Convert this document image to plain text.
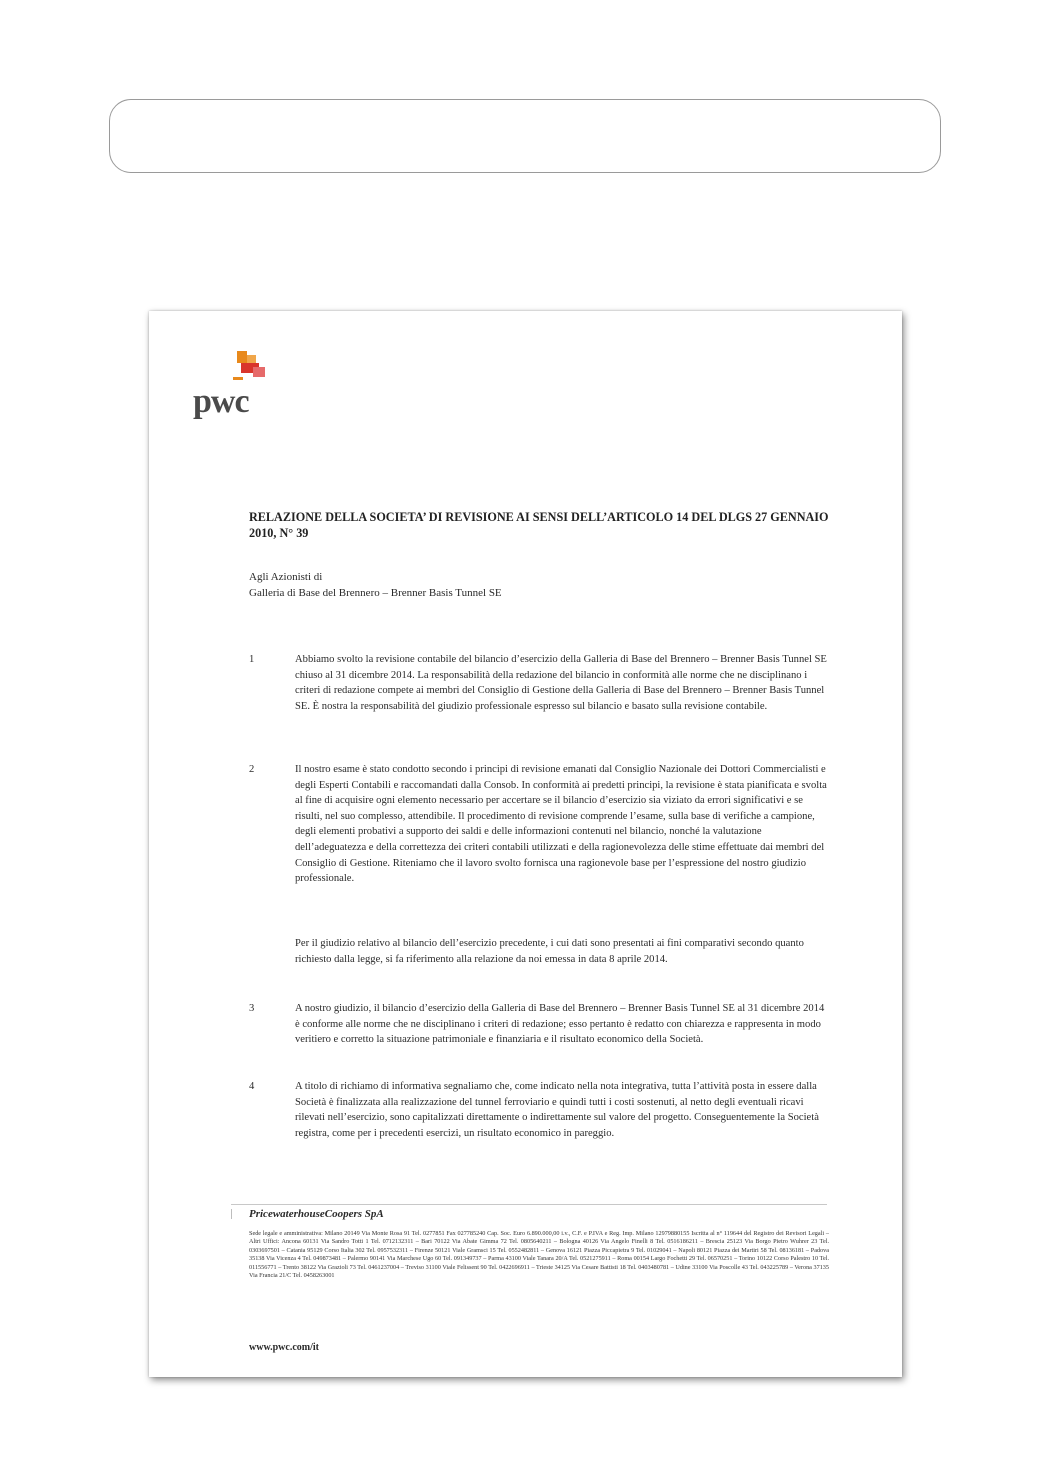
pwc
RELAZIONE DELLA SOCIETA’ DI REVISIONE AI SENSI DELL’ARTICOLO 14 DEL DLGS 27 GENNAIO 2010, N° 39
Agli Azionisti di
Galleria di Base del Brennero – Brenner Basis Tunnel SE
1	Abbiamo svolto la revisione contabile del bilancio d’esercizio della Galleria di Base del Brennero – Brenner Basis Tunnel SE chiuso al 31 dicembre 2014. La responsabilità della redazione del bilancio in conformità alle norme che ne disciplinano i criteri di redazione compete ai membri del Consiglio di Gestione della Galleria di Base del Brennero – Brenner Basis Tunnel SE. È nostra la responsabilità del giudizio professionale espresso sul bilancio e basato sulla revisione contabile.
2	Il nostro esame è stato condotto secondo i principi di revisione emanati dal Consiglio Nazionale dei Dottori Commercialisti e degli Esperti Contabili e raccomandati dalla Consob. In conformità ai predetti principi, la revisione è stata pianificata e svolta al fine di acquisire ogni elemento necessario per accertare se il bilancio d’esercizio sia viziato da errori significativi e se risulti, nel suo complesso, attendibile. Il procedimento di revisione comprende l’esame, sulla base di verifiche a campione, degli elementi probativi a supporto dei saldi e delle informazioni contenuti nel bilancio, nonché la valutazione dell’adeguatezza e della correttezza dei criteri contabili utilizzati e della ragionevolezza delle stime effettuate dai membri del Consiglio di Gestione. Riteniamo che il lavoro svolto fornisca una ragionevole base per l’espressione del nostro giudizio professionale.
Per il giudizio relativo al bilancio dell’esercizio precedente, i cui dati sono presentati ai fini comparativi secondo quanto richiesto dalla legge, si fa riferimento alla relazione da noi emessa in data 8 aprile 2014.
3	A nostro giudizio, il bilancio d’esercizio della Galleria di Base del Brennero – Brenner Basis Tunnel SE al 31 dicembre 2014 è conforme alle norme che ne disciplinano i criteri di redazione; esso pertanto è redatto con chiarezza e rappresenta in modo veritiero e corretto la situazione patrimoniale e finanziaria e il risultato economico della Società.
4	A titolo di richiamo di informativa segnaliamo che, come indicato nella nota integrativa, tutta l’attività posta in essere dalla Società è finalizzata alla realizzazione del tunnel ferroviario e quindi tutti i costi sostenuti, al netto degli eventuali ricavi rilevati nell’esercizio, sono capitalizzati direttamente o indirettamente sul valore del progetto. Conseguentemente la Società registra, come per i precedenti esercizi, un risultato economico in pareggio.
PricewaterhouseCoopers SpA
Sede legale e amministrativa: Milano 20149 Via Monte Rosa 91 Tel. 0277851 Fax 027785240 Cap. Soc. Euro 6.890.000,00 i.v., C.F. e P.IVA e Reg. Imp. Milano 12979880155 Iscritta al n° 119644 del Registro dei Revisori Legali – Altri Uffici: Ancona 60131 Via Sandro Totti 1 Tel. 0712132311 – Bari 70122 Via Abate Gimma 72 Tel. 0805640211 – Bologna 40126 Via Angelo Finelli 8 Tel. 0516186211 – Brescia 25123 Via Borgo Pietro Wuhrer 23 Tel. 0303697501 – Catania 95129 Corso Italia 302 Tel. 0957532311 – Firenze 50121 Viale Gramsci 15 Tel. 0552482811 – Genova 16121 Piazza Piccapietra 9 Tel. 01029041 – Napoli 80121 Piazza dei Martiri 58 Tel. 08136181 – Padova 35138 Via Vicenza 4 Tel. 049873481 – Palermo 90141 Via Marchese Ugo 60 Tel. 091349737 – Parma 43100 Viale Tanara 20/A Tel. 0521275911 – Roma 00154 Largo Fochetti 29 Tel. 06570251 – Torino 10122 Corso Palestro 10 Tel. 011556771 – Trento 38122 Via Grazioli 73 Tel. 0461237004 – Treviso 31100 Viale Felissent 90 Tel. 0422696911 – Trieste 34125 Via Cesare Battisti 18 Tel. 0403480781 – Udine 33100 Via Poscolle 43 Tel. 043225789 – Verona 37135 Via Francia 21/C Tel. 0458263001
www.pwc.com/it
